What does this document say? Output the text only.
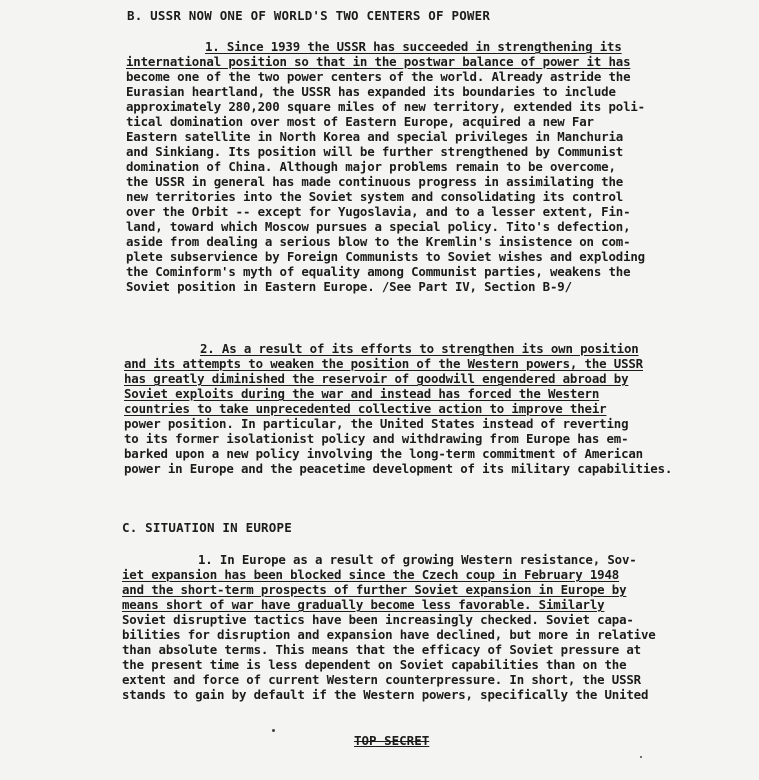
B. USSR NOW ONE OF WORLD'S TWO CENTERS OF POWER
1. Since 1939 the USSR has succeeded in strengthening its
international position so that in the postwar balance of power it has
become one of the two power centers of the world. Already astride the
Eurasian heartland, the USSR has expanded its boundaries to include
approximately 280,200 square miles of new territory, extended its poli-
tical domination over most of Eastern Europe, acquired a new Far
Eastern satellite in North Korea and special privileges in Manchuria
and Sinkiang. Its position will be further strengthened by Communist
domination of China. Although major problems remain to be overcome,
the USSR in general has made continuous progress in assimilating the
new territories into the Soviet system and consolidating its control
over the Orbit -- except for Yugoslavia, and to a lesser extent, Fin-
land, toward which Moscow pursues a special policy. Tito's defection,
aside from dealing a serious blow to the Kremlin's insistence on com-
plete subservience by Foreign Communists to Soviet wishes and exploding
the Cominform's myth of equality among Communist parties, weakens the
Soviet position in Eastern Europe. /See Part IV, Section B-9/
2. As a result of its efforts to strengthen its own position
and its attempts to weaken the position of the Western powers, the USSR
has greatly diminished the reservoir of goodwill engendered abroad by
Soviet exploits during the war and instead has forced the Western
countries to take unprecedented collective action to improve their
power position. In particular, the United States instead of reverting
to its former isolationist policy and withdrawing from Europe has em-
barked upon a new policy involving the long-term commitment of American
power in Europe and the peacetime development of its military capabilities.
C. SITUATION IN EUROPE
1. In Europe as a result of growing Western resistance, Sov-
iet expansion has been blocked since the Czech coup in February 1948
and the short-term prospects of further Soviet expansion in Europe by
means short of war have gradually become less favorable. Similarly
Soviet disruptive tactics have been increasingly checked. Soviet capa-
bilities for disruption and expansion have declined, but more in relative
than absolute terms. This means that the efficacy of Soviet pressure at
the present time is less dependent on Soviet capabilities than on the
extent and force of current Western counterpressure. In short, the USSR
stands to gain by default if the Western powers, specifically the United
TOP SECRET
